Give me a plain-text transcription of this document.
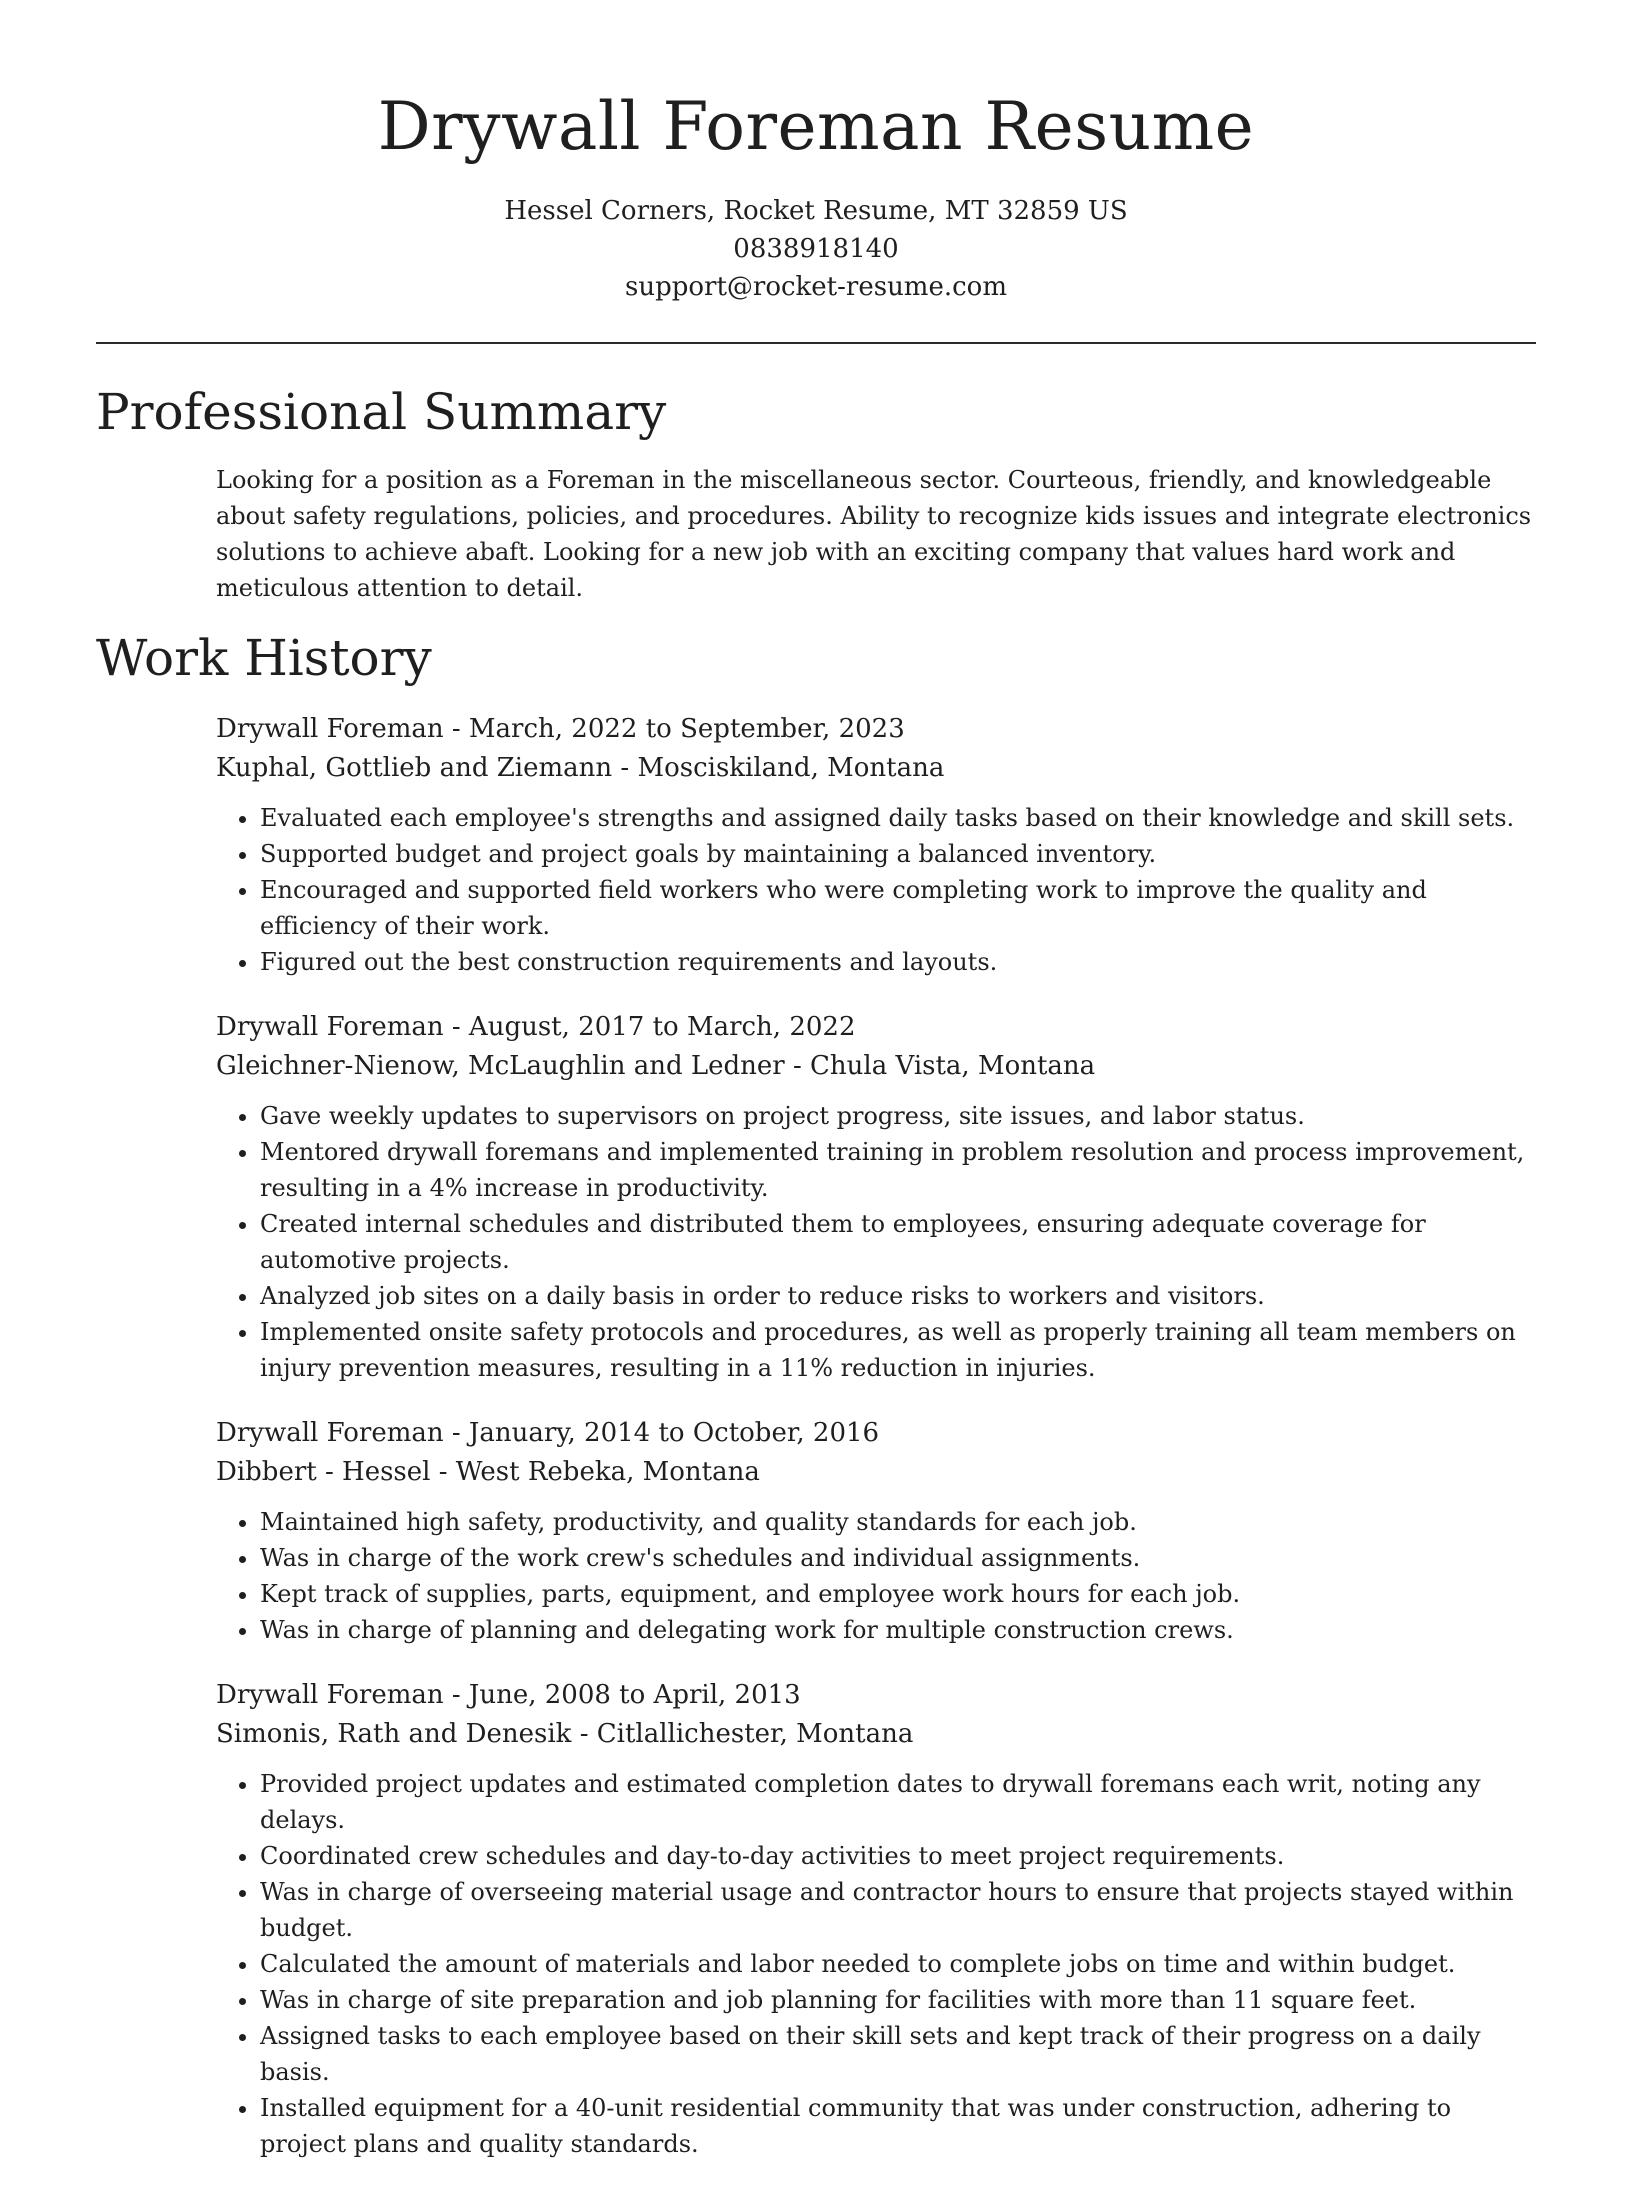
Drywall Foreman Resume
Hessel Corners, Rocket Resume, MT 32859 US
0838918140
support@rocket-resume.com
Professional Summary
Looking for a position as a Foreman in the miscellaneous sector. Courteous, friendly, and knowledgeable about safety regulations, policies, and procedures. Ability to recognize kids issues and integrate electronics solutions to achieve abaft. Looking for a new job with an exciting company that values hard work and meticulous attention to detail.
Work History
Drywall Foreman - March, 2022 to September, 2023
Kuphal, Gottlieb and Ziemann - Mosciskiland, Montana
• Evaluated each employee's strengths and assigned daily tasks based on their knowledge and skill sets.
• Supported budget and project goals by maintaining a balanced inventory.
• Encouraged and supported field workers who were completing work to improve the quality and efficiency of their work.
• Figured out the best construction requirements and layouts.
Drywall Foreman - August, 2017 to March, 2022
Gleichner-Nienow, McLaughlin and Ledner - Chula Vista, Montana
• Gave weekly updates to supervisors on project progress, site issues, and labor status.
• Mentored drywall foremans and implemented training in problem resolution and process improvement, resulting in a 4% increase in productivity.
• Created internal schedules and distributed them to employees, ensuring adequate coverage for automotive projects.
• Analyzed job sites on a daily basis in order to reduce risks to workers and visitors.
• Implemented onsite safety protocols and procedures, as well as properly training all team members on injury prevention measures, resulting in a 11% reduction in injuries.
Drywall Foreman - January, 2014 to October, 2016
Dibbert - Hessel - West Rebeka, Montana
• Maintained high safety, productivity, and quality standards for each job.
• Was in charge of the work crew's schedules and individual assignments.
• Kept track of supplies, parts, equipment, and employee work hours for each job.
• Was in charge of planning and delegating work for multiple construction crews.
Drywall Foreman - June, 2008 to April, 2013
Simonis, Rath and Denesik - Citlallichester, Montana
• Provided project updates and estimated completion dates to drywall foremans each writ, noting any delays.
• Coordinated crew schedules and day-to-day activities to meet project requirements.
• Was in charge of overseeing material usage and contractor hours to ensure that projects stayed within budget.
• Calculated the amount of materials and labor needed to complete jobs on time and within budget.
• Was in charge of site preparation and job planning for facilities with more than 11 square feet.
• Assigned tasks to each employee based on their skill sets and kept track of their progress on a daily basis.
• Installed equipment for a 40-unit residential community that was under construction, adhering to project plans and quality standards.
